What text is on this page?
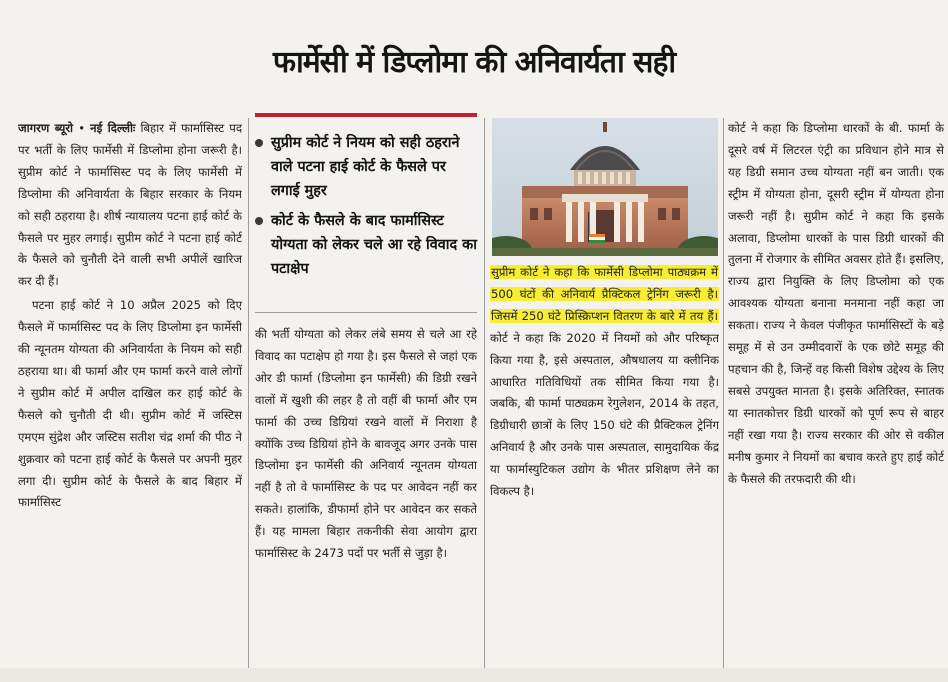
फार्मेसी में डिप्लोमा की अनिवार्यता सही

जागरण ब्यूरो • नई दिल्लीः बिहार में फार्मासिस्ट पद पर भर्ती के लिए फार्मेसी में डिप्लोमा होना जरूरी है। सुप्रीम कोर्ट ने फार्मासिस्ट पद के लिए फार्मेसी में डिप्लोमा की अनिवार्यता के बिहार सरकार के नियम को सही ठहराया है। शीर्ष न्यायालय पटना हाई कोर्ट के फैसले पर मुहर लगाई। सुप्रीम कोर्ट ने पटना हाई कोर्ट के फैसले को चुनौती देने वाली सभी अपीलें खारिज कर दी हैं।

पटना हाई कोर्ट ने 10 अप्रैल 2025 को दिए फैसले में फार्मासिस्ट पद के लिए डिप्लोमा इन फार्मेसी की न्यूनतम योग्यता की अनिवार्यता के नियम को सही ठहराया था। बी फार्मा और एम फार्मा करने वाले लोगों ने सुप्रीम कोर्ट में अपील दाखिल कर हाई कोर्ट के फैसले को चुनौती दी थी। सुप्रीम कोर्ट में जस्टिस एमएम सुंद्रेश और जस्टिस सतीश चंद्र शर्मा की पीठ ने शुक्रवार को पटना हाई कोर्ट के फैसले पर अपनी मुहर लगा दी। सुप्रीम कोर्ट के फैसले के बाद बिहार में फार्मासिस्ट

सुप्रीम कोर्ट ने नियम को सही ठहराने वाले पटना हाई कोर्ट के फैसले पर लगाई मुहर
कोर्ट के फैसले के बाद फार्मासिस्ट योग्यता को लेकर चले आ रहे विवाद का पटाक्षेप

की भर्ती योग्यता को लेकर लंबे समय से चले आ रहे विवाद का पटाक्षेप हो गया है। इस फैसले से जहां एक ओर डी फार्मा (डिप्लोमा इन फार्मेसी) की डिग्री रखने वालों में खुशी की लहर है तो वहीं बी फार्मा और एम फार्मा की उच्च डिग्रियां रखने वालों में निराशा है क्योंकि उच्च डिग्रियां होने के बावजूद अगर उनके पास डिप्लोमा इन फार्मेसी की अनिवार्य न्यूनतम योग्यता नहीं है तो वे फार्मासिस्ट के पद पर आवेदन नहीं कर सकते। हालांकि, डीफार्मा होने पर आवेदन कर सकते हैं। यह मामला बिहार तकनीकी सेवा आयोग द्वारा फार्मासिस्ट के 2473 पदों पर भर्ती से जुड़ा है।

सुप्रीम कोर्ट ने कहा कि फार्मेसी डिप्लोमा पाठ्यक्रम में 500 घंटों की अनिवार्य प्रैक्टिकल ट्रेनिंग जरूरी है। जिसमें 250 घंटे प्रिस्क्रिप्शन वितरण के बारे में तय हैं। कोर्ट ने कहा कि 2020 में नियमों को और परिष्कृत किया गया है, इसे अस्पताल, औषधालय या क्लीनिक आधारित गतिविधियों तक सीमित किया गया है। जबकि, बी फार्मा पाठ्यक्रम रेगुलेशन, 2014 के तहत, डिग्रीधारी छात्रों के लिए 150 घंटे की प्रैक्टिकल ट्रेनिंग अनिवार्य है और उनके पास अस्पताल, सामुदायिक केंद्र या फार्मास्युटिकल उद्योग के भीतर प्रशिक्षण लेने का विकल्प है।

कोर्ट ने कहा कि डिप्लोमा धारकों के बी. फार्मा के दूसरे वर्ष में लिटरल एंट्री का प्रविधान होने मात्र से यह डिग्री समान उच्च योग्यता नहीं बन जाती। एक स्ट्रीम में योग्यता होना, दूसरी स्ट्रीम में योग्यता होना जरूरी नहीं है। सुप्रीम कोर्ट ने कहा कि इसके अलावा, डिप्लोमा धारकों के पास डिग्री धारकों की तुलना में रोजगार के सीमित अवसर होते हैं। इसलिए, राज्य द्वारा नियुक्ति के लिए डिप्लोमा को एक आवश्यक योग्यता बनाना मनमाना नहीं कहा जा सकता। राज्य ने केवल पंजीकृत फार्मासिस्टों के बड़े समूह में से उन उम्मीदवारों के एक छोटे समूह की पहचान की है, जिन्हें वह किसी विशेष उद्देश्य के लिए सबसे उपयुक्त मानता है। इसके अतिरिक्त, स्नातक या स्नातकोत्तर डिग्री धारकों को पूर्ण रूप से बाहर नहीं रखा गया है। राज्य सरकार की ओर से वकील मनीष कुमार ने नियमों का बचाव करते हुए हाई कोर्ट के फैसले की तरफदारी की थी।
